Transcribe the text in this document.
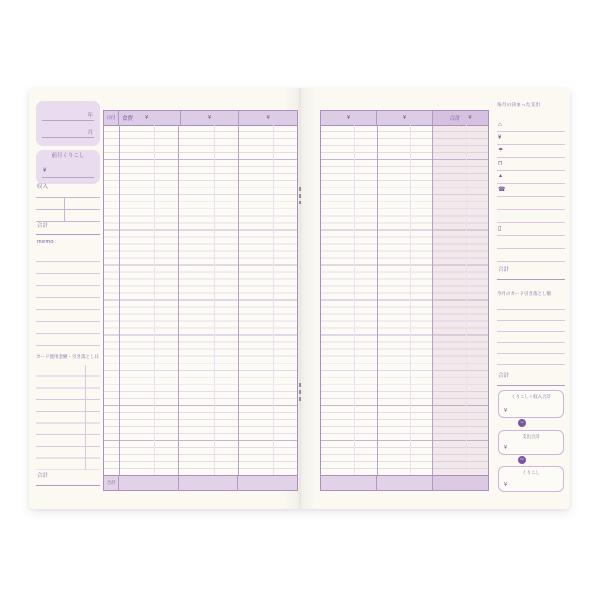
年
月
前月くりこし
¥
収入
合計
memo
カード使用金額・引き落とし日
合計
日付	食費 ¥	¥	¥
合計
¥	¥	合計 ¥
毎月の決まった支出
⌂
¥
☂
⊓
▲
☎
▯
合計
今月のカード引き落とし額
合計
くりこし＋収入合計
¥
−
支出合計
¥
＝
くりこし
¥
